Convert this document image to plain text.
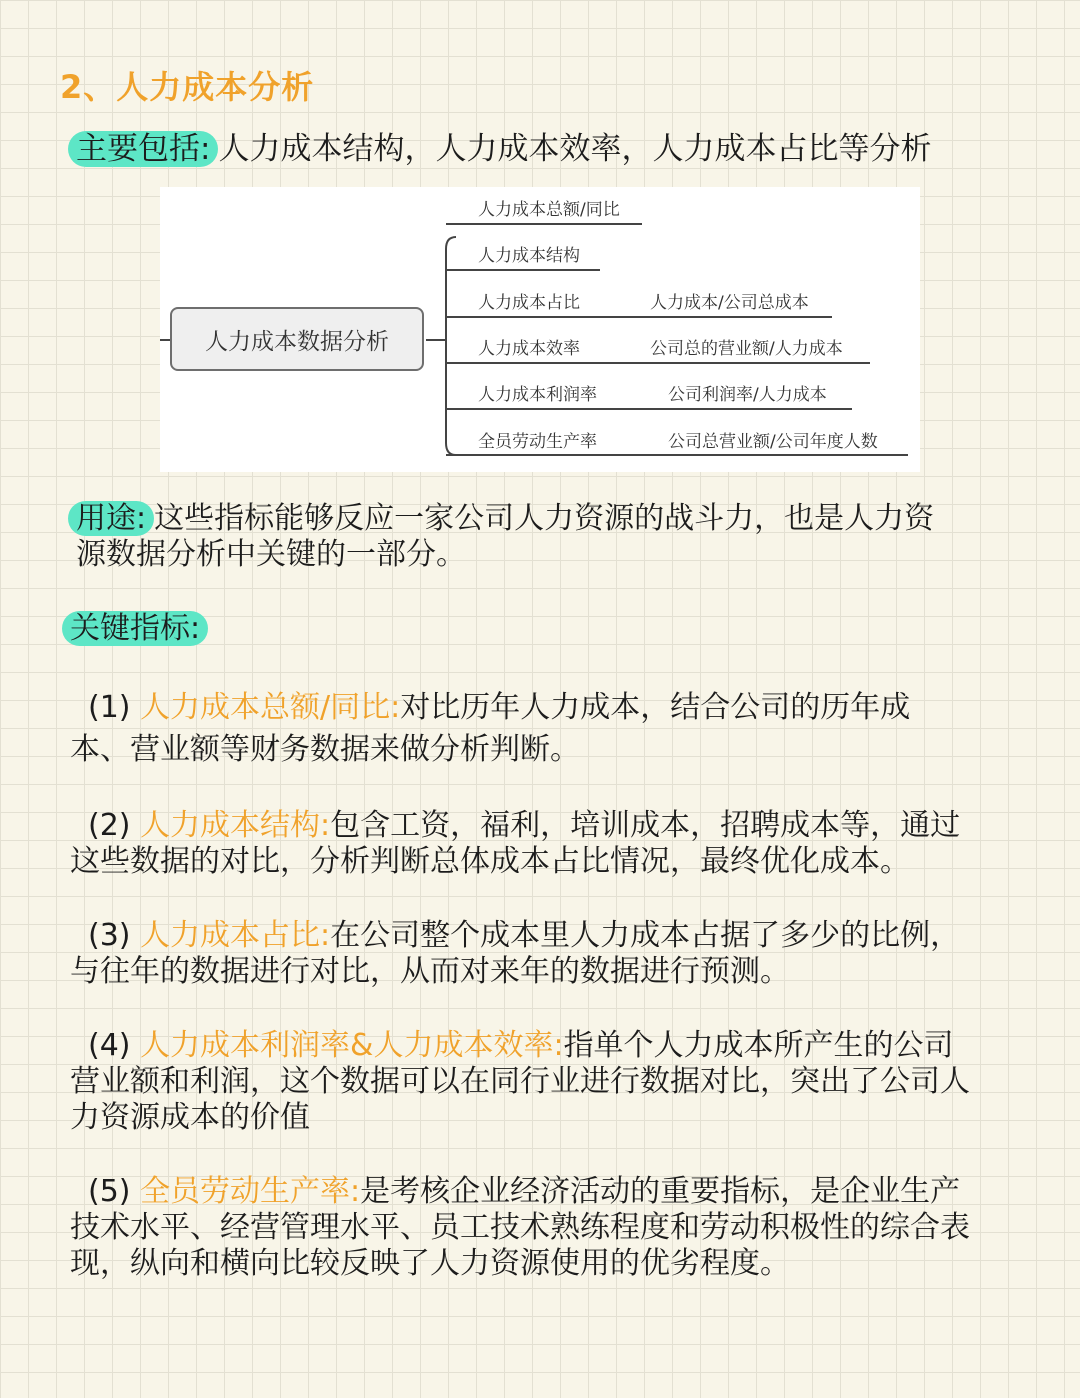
2、人力成本分析
主要包括: 人力成本结构，人力成本效率，人力成本占比等分析
人力成本数据分析
人力成本总额/同比
人力成本结构
人力成本占比	人力成本/公司总成本
人力成本效率	公司总的营业额/人力成本
人力成本利润率	公司利润率/人力成本
全员劳动生产率	公司总营业额/公司年度人数
用途: 这些指标能够反应一家公司人力资源的战斗力，也是人力资
源数据分析中关键的一部分。
关键指标:
(1) 人力成本总额/同比:对比历年人力成本，结合公司的历年成
本、营业额等财务数据来做分析判断。
(2) 人力成本结构:包含工资，福利，培训成本，招聘成本等，通过
这些数据的对比，分析判断总体成本占比情况，最终优化成本。
(3) 人力成本占比:在公司整个成本里人力成本占据了多少的比例，
与往年的数据进行对比，从而对来年的数据进行预测。
(4) 人力成本利润率&人力成本效率:指单个人力成本所产生的公司
营业额和利润，这个数据可以在同行业进行数据对比，突出了公司人
力资源成本的价值
(5) 全员劳动生产率:是考核企业经济活动的重要指标，是企业生产
技术水平、经营管理水平、员工技术熟练程度和劳动积极性的综合表
现，纵向和横向比较反映了人力资源使用的优劣程度。
